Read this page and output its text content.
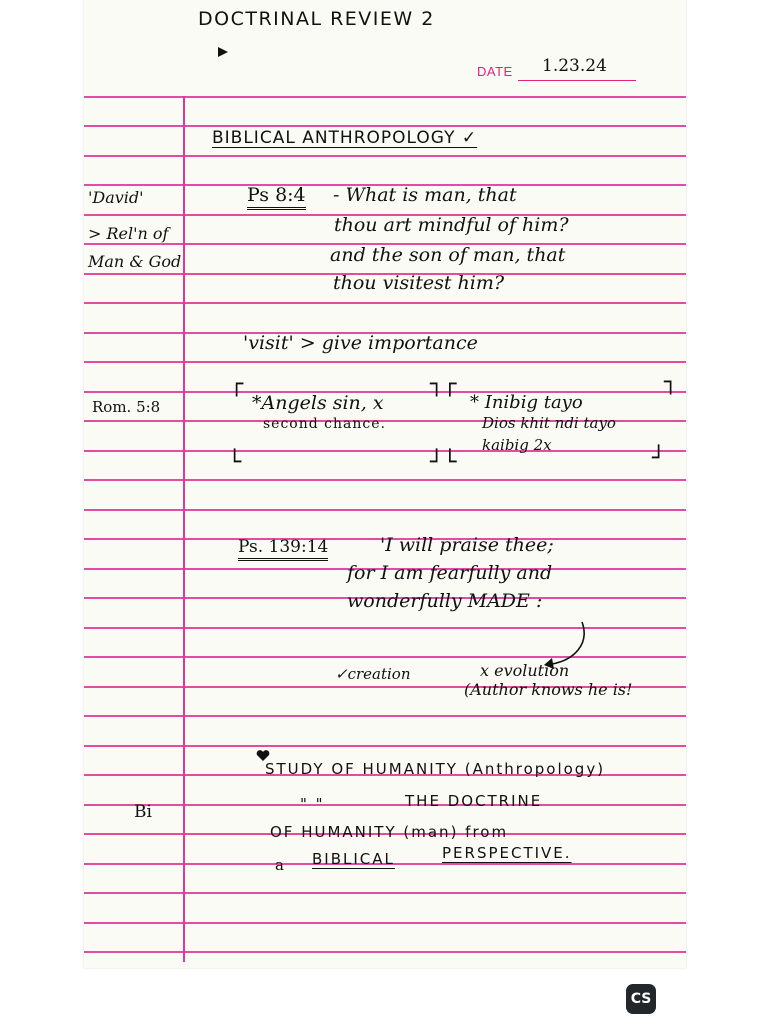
DOCTRINAL REVIEW 2
DATE 1.23.24
BIBLICAL ANTHROPOLOGY ✓
'David'
> Rel'n of
Man & God
Ps 8:4 - What is man, that
thou art mindful of him?
and the son of man, that
thou visitest him?
'visit' > give importance
Rom. 5:8
┌	┐┌	┐
└	┘└	┘
*Angels sin, x
second chance.
* Inibig tayo
Dios khit ndi tayo
kaibig 2x
Ps. 139:14	'I will praise thee;
for I am fearfully and
wonderfully MADE :
✓creation	x evolution
(Author knows he is!
STUDY OF HUMANITY (Anthropology)
Bi	" "	THE DOCTRINE
OF HUMANITY (man) from
a BIBLICAL	PERSPECTIVE.
CS
